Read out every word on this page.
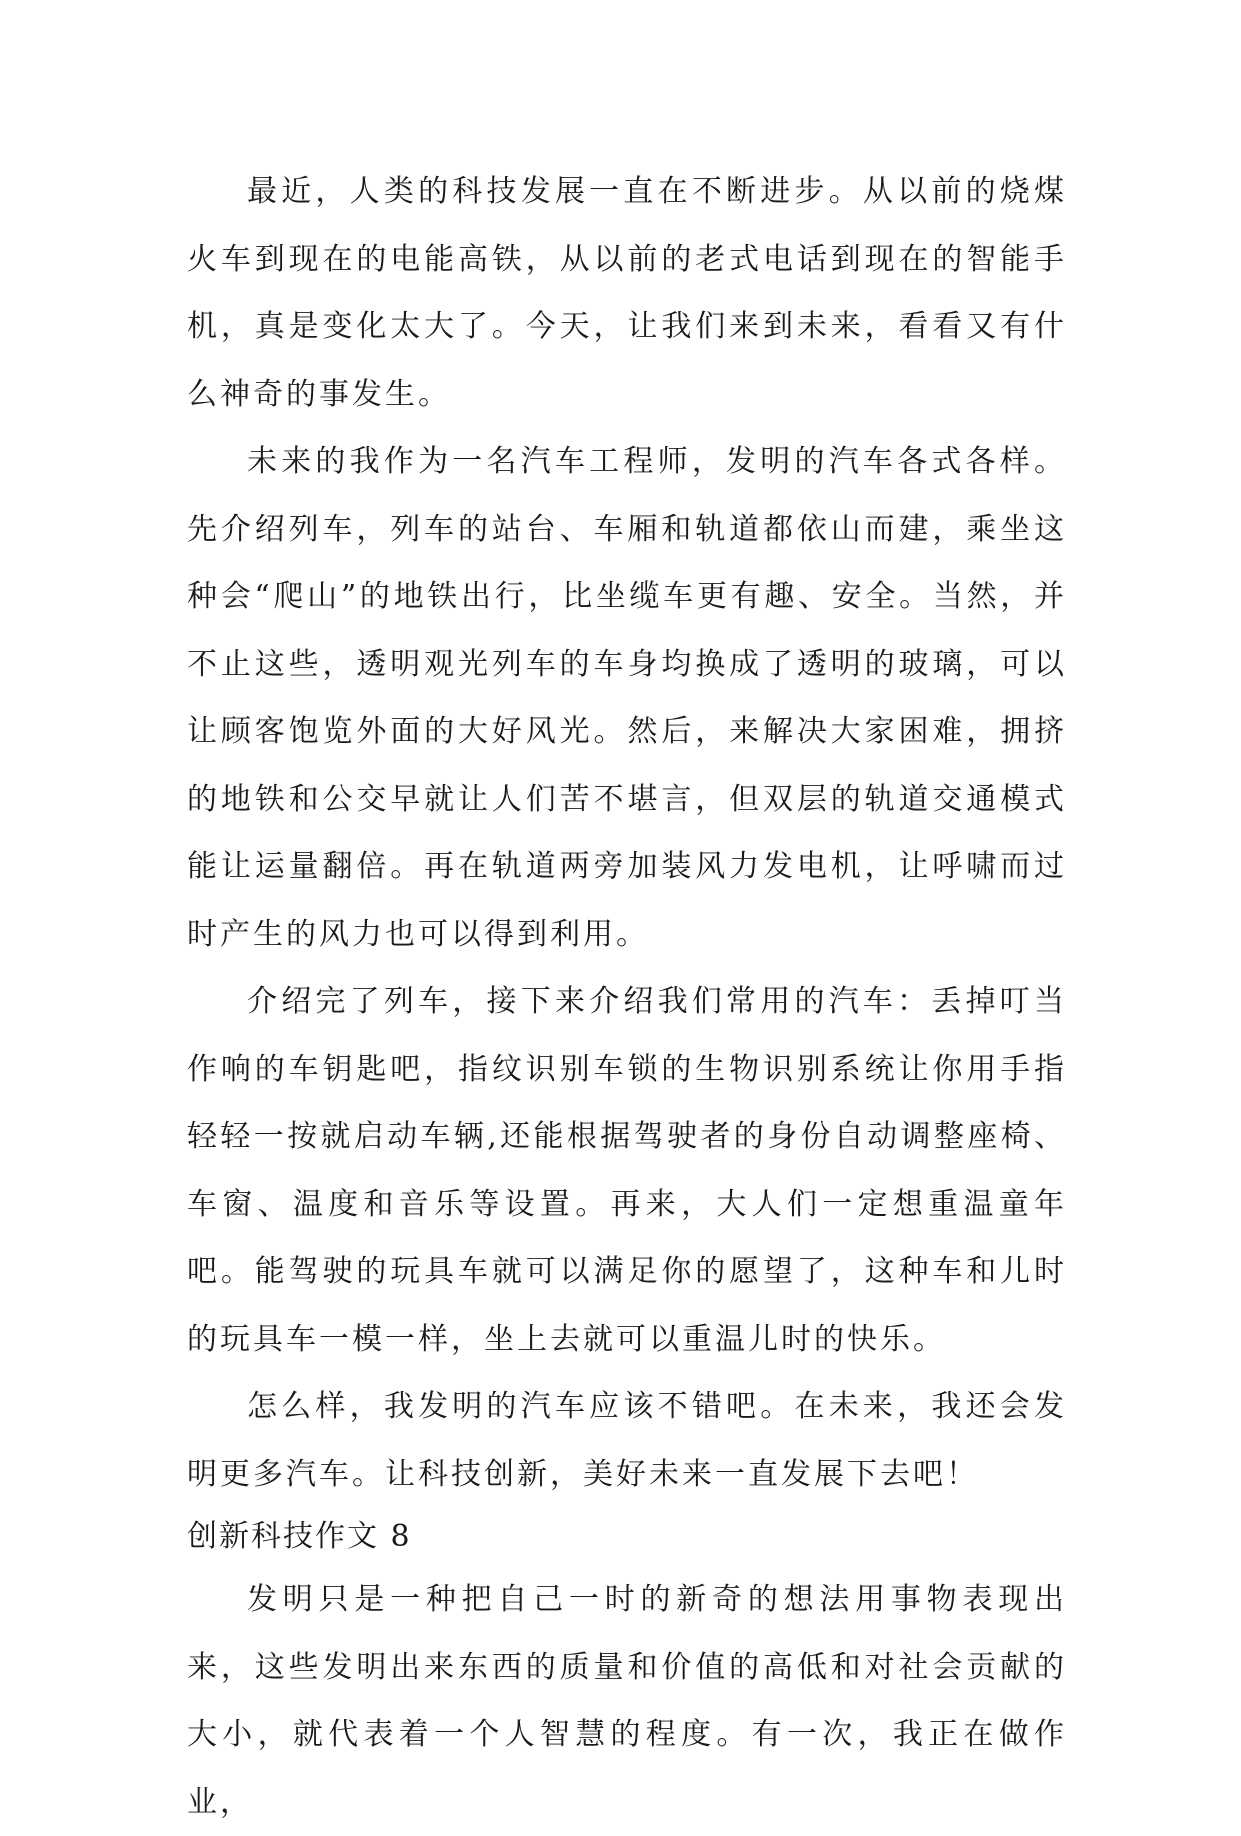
最近，人类的科技发展一直在不断进步。从以前的烧煤火车到现在的电能高铁，从以前的老式电话到现在的智能手机，真是变化太大了。今天，让我们来到未来，看看又有什么神奇的事发生。

未来的我作为一名汽车工程师，发明的汽车各式各样。先介绍列车，列车的站台、车厢和轨道都依山而建，乘坐这种会“爬山”的地铁出行，比坐缆车更有趣、安全。当然，并不止这些，透明观光列车的车身均换成了透明的玻璃，可以让顾客饱览外面的大好风光。然后，来解决大家困难，拥挤的地铁和公交早就让人们苦不堪言，但双层的轨道交通模式能让运量翻倍。再在轨道两旁加装风力发电机，让呼啸而过时产生的风力也可以得到利用。

介绍完了列车，接下来介绍我们常用的汽车：丢掉叮当作响的车钥匙吧，指纹识别车锁的生物识别系统让你用手指轻轻一按就启动车辆,还能根据驾驶者的身份自动调整座椅、车窗、温度和音乐等设置。再来，大人们一定想重温童年吧。能驾驶的玩具车就可以满足你的愿望了，这种车和儿时的玩具车一模一样，坐上去就可以重温儿时的快乐。

怎么样，我发明的汽车应该不错吧。在未来，我还会发明更多汽车。让科技创新，美好未来一直发展下去吧！

创新科技作文 8

发明只是一种把自己一时的新奇的想法用事物表现出来，这些发明出来东西的质量和价值的高低和对社会贡献的大小，就代表着一个人智慧的程度。有一次，我正在做作业，
